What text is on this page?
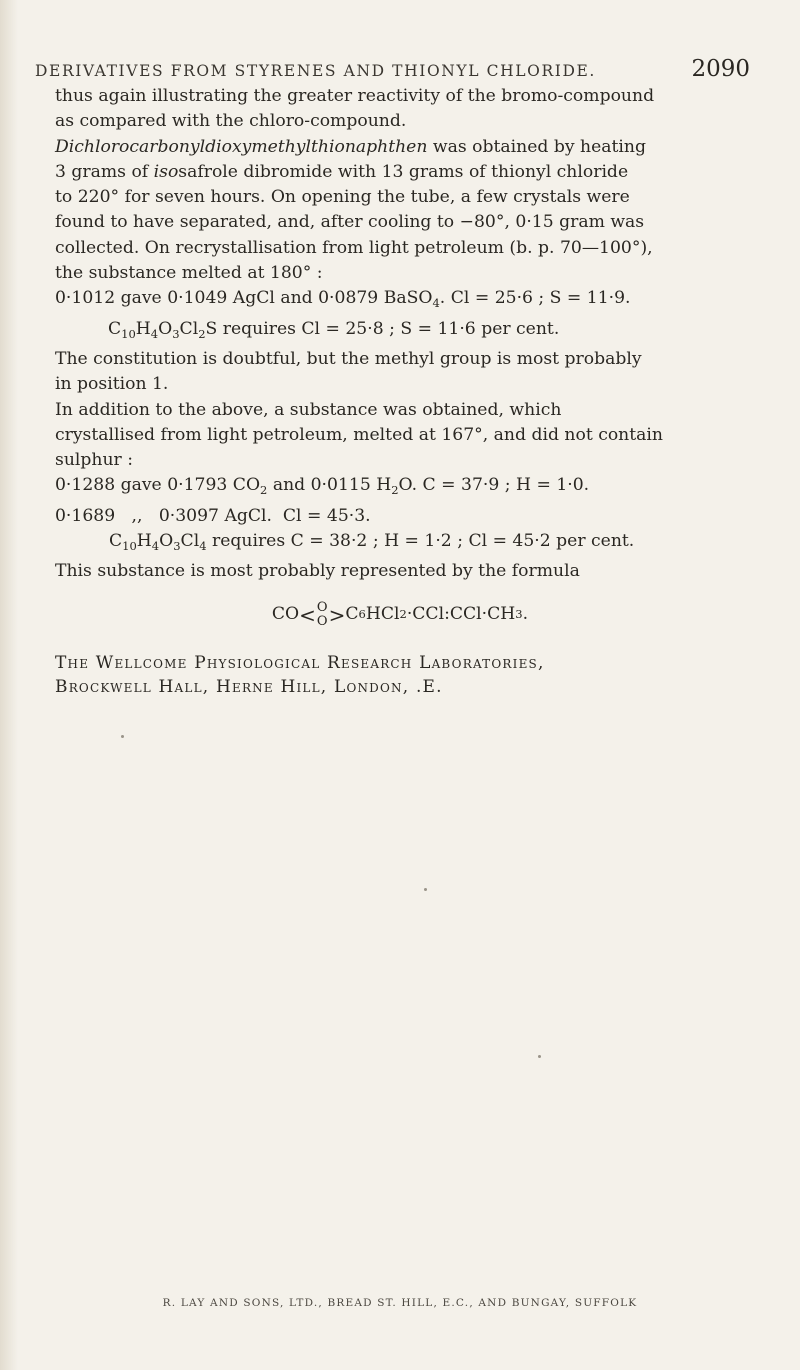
DERIVATIVES FROM STYRENES AND THIONYL CHLORIDE.	2090

thus again illustrating the greater reactivity of the bromo-compound
as compared with the chloro-compound.

Dichlorocarbonyldioxymethylthionaphthen was obtained by heating
3 grams of isosafrole dibromide with 13 grams of thionyl chloride
to 220° for seven hours. On opening the tube, a few crystals were
found to have separated, and, after cooling to −80°, 0·15 gram was
collected. On recrystallisation from light petroleum (b. p. 70—100°),
the substance melted at 180° :

0·1012 gave 0·1049 AgCl and 0·0879 BaSO$_4$. Cl = 25·6 ; S = 11·9.
$C_{10}H_4O_3Cl_2S$ requires Cl = 25·8 ; S = 11·6 per cent.

The constitution is doubtful, but the methyl group is most probably
in position 1.

In addition to the above, a substance was obtained, which
crystallised from light petroleum, melted at 167°, and did not contain
sulphur :

0·1288 gave 0·1793 $CO_2$ and 0·0115 $H_2O$. C = 37·9 ; H = 1·0.
0·1689   ,,   0·3097 AgCl.  Cl = 45·3.
$C_{10}H_4O_3Cl_4$ requires C = 38·2 ; H = 1·2 ; Cl = 45·2 per cent.

This substance is most probably represented by the formula

CO < O
O > C 6 HCl 2 ·CCl:CCl·CH 3 .
The Wellcome Physiological Research Laboratories,
Brockwell Hall, Herne Hill, London, .E.
R. LAY AND SONS, LTD., BREAD ST. HILL, E.C., AND BUNGAY, SUFFOLK
